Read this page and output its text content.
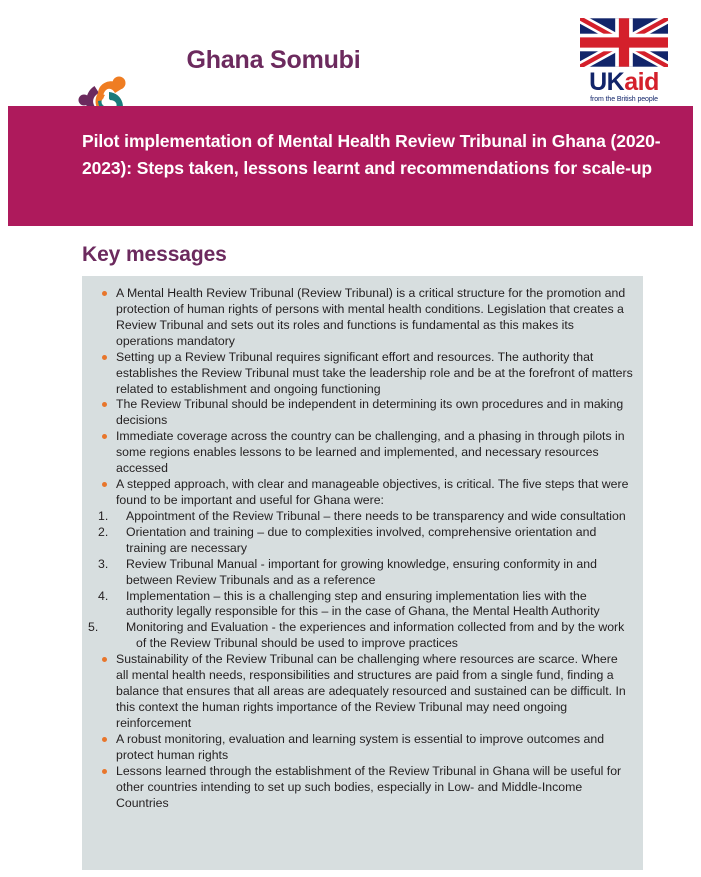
Ghana Somubi

UKaid
from the British people
Pilot implementation of Mental Health Review Tribunal in Ghana (2020-2023): Steps taken, lessons learnt and recommendations for scale-up
Key messages
A Mental Health Review Tribunal (Review Tribunal) is a critical structure for the promotion and protection of human rights of persons with mental health conditions. Legislation that creates a Review Tribunal and sets out its roles and functions is fundamental as this makes its operations mandatory
Setting up a Review Tribunal requires significant effort and resources. The authority that establishes the Review Tribunal must take the leadership role and be at the forefront of matters related to establishment and ongoing functioning
The Review Tribunal should be independent in determining its own procedures and in making decisions
Immediate coverage across the country can be challenging, and a phasing in through pilots in some regions enables lessons to be learned and implemented, and necessary resources accessed
A stepped approach, with clear and manageable objectives, is critical. The five steps that were found to be important and useful for Ghana were:
Appointment of the Review Tribunal – there needs to be transparency and wide consultation
Orientation and training – due to complexities involved, comprehensive orientation and training are necessary
Review Tribunal Manual - important for growing knowledge, ensuring conformity in and between Review Tribunals and as a reference
Implementation – this is a challenging step and ensuring implementation lies with the authority legally responsible for this – in the case of Ghana, the Mental Health Authority
Monitoring and Evaluation - the experiences and information collected from and by the work of the Review Tribunal should be used to improve practices
Sustainability of the Review Tribunal can be challenging where resources are scarce. Where all mental health needs, responsibilities and structures are paid from a single fund, finding a balance that ensures that all areas are adequately resourced and sustained can be difficult. In this context the human rights importance of the Review Tribunal may need ongoing reinforcement
A robust monitoring, evaluation and learning system is essential to improve outcomes and protect human rights
Lessons learned through the establishment of the Review Tribunal in Ghana will be useful for other countries intending to set up such bodies, especially in Low- and Middle-Income Countries
